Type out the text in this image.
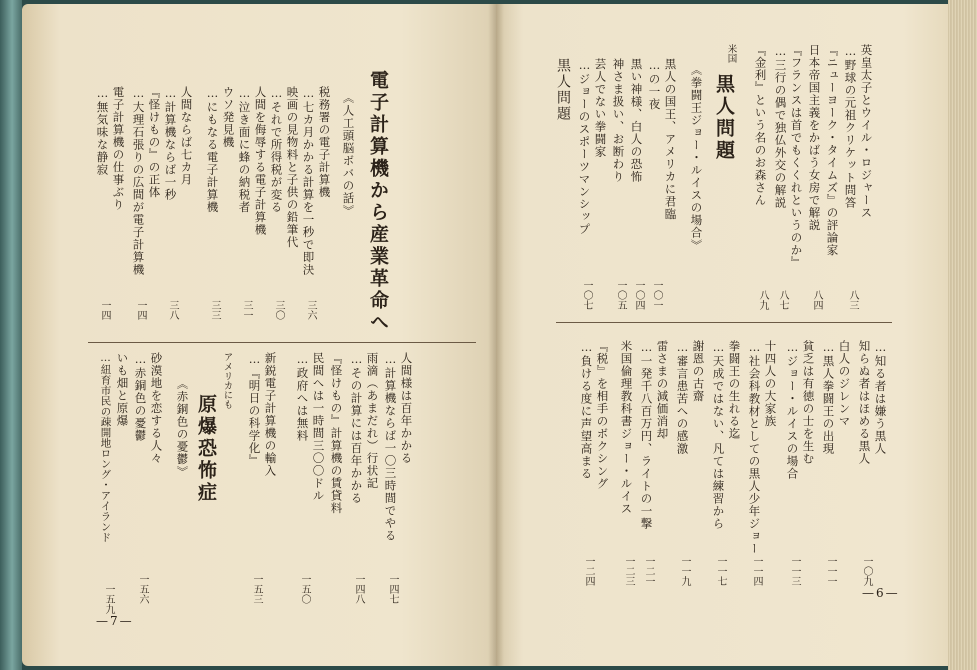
電子計算機から産業革命へ
《人工頭脳ボバの話》
税務署の電子計算機
…七カ月かかる計算を一秒で即決
三六
映画の見物料と子供の鉛筆代
…それで所得税が変る
三〇
人間を侮辱する電子計算機
…泣き面に蜂の納税者
三一
ウソ発見機
…にもなる電子計算機
三三
人間ならば七カ月
…計算機ならば一秒
三八
『怪けもの』の正体
…大理石張りの広間が電子計算機
一四
電子計算機の仕事ぶり
…無気味な静寂
一四
人間様は百年かかる
…計算機ならば一〇三時間でやる
一四七
雨滴（あまだれ）行状記
…その計算には百年かかる
一四八
『怪けもの』計算機の賃貸料
民間へは一時間三〇〇ドル
…政府へは無料
一五〇
新鋭電子計算機の輸入
…『明日の科学化』
一五三
アメリカにも
原爆恐怖症
《赤銅色の憂鬱》
砂漠地を恋する人々
…赤銅色の憂鬱
一五六
いも畑と原爆
…紐育市民の疎開地ロング・アイランド
一五九
—7—
英皇太子とウイル・ロジャース
…野球の元祖クリケット問答
八三
『ニューヨーク・タイムズ』の評論家
日本帝国主義をかばう女房で解説
八四
『フランスは首でもくくれというのか』
…三行の偶で独仏外交の解説
八七
『金利』という名のお森さん
八九
米国
黒人問題
《拳闘王ジョー・ルイスの場合》
黒人の国王、アメリカに君臨
…の一夜
一〇一
黒い神様、白人の恐怖
一〇四
神さま扱い、お断わり
一〇五
芸人でない拳闘家
…ジョーのスポーツマンシップ
一〇七
黒人問題
…知る者は嫌う黒人
知らぬ者はほめる黒人
一〇九
白人のジレンマ
…黒人拳闘王の出現
一一一
貧乏は有徳の士を生む
…ジョー・ルイスの場合
一一三
十四人の大家族
…社会科教材としての黒人少年ジョー
一一四
拳闘王の生れる迄
…天成ではない、凡ては練習から
一一七
謝恩の古齋
…審言患苦への感激
一一九
雷さまの減価消却
…一発千八百万円、ライトの一撃
一二一
米国倫理教科書ジョー・ルイス
一二三
『税』を相手のボクシング
…負ける度に声望高まる
一二四
—6—
